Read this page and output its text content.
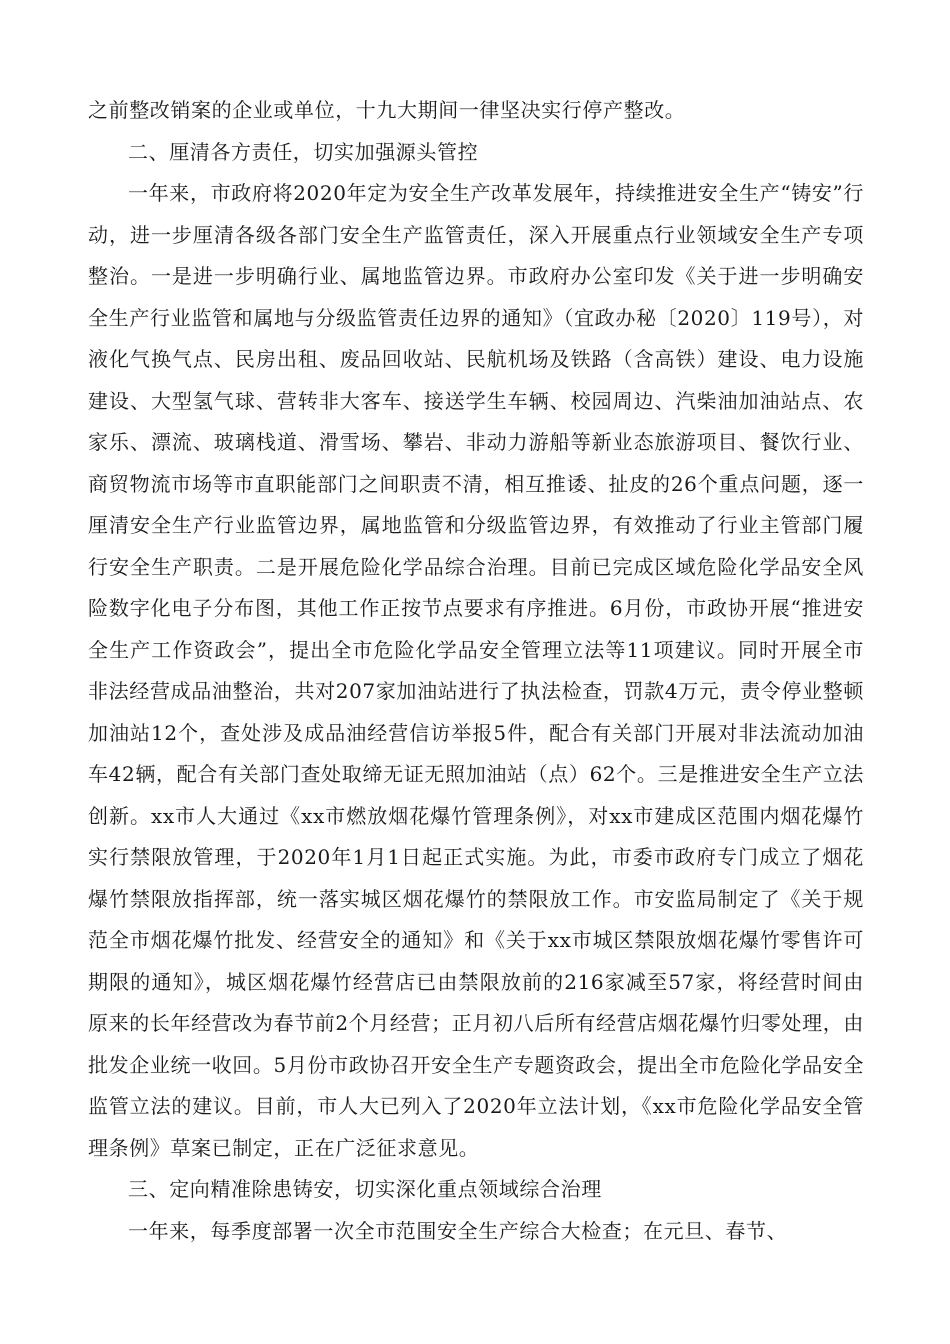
之前整改销案的企业或单位，十九大期间一律坚决实行停产整改。

二、厘清各方责任，切实加强源头管控

一年来，市政府将2020年定为安全生产改革发展年，持续推进安全生产“铸安”行动，进一步厘清各级各部门安全生产监管责任，深入开展重点行业领域安全生产专项整治。一是进一步明确行业、属地监管边界。市政府办公室印发《关于进一步明确安全生产行业监管和属地与分级监管责任边界的通知》（宜政办秘〔2020〕119号），对液化气换气点、民房出租、废品回收站、民航机场及铁路（含高铁）建设、电力设施建设、大型氢气球、营转非大客车、接送学生车辆、校园周边、汽柴油加油站点、农家乐、漂流、玻璃栈道、滑雪场、攀岩、非动力游船等新业态旅游项目、餐饮行业、商贸物流市场等市直职能部门之间职责不清，相互推诿、扯皮的26个重点问题，逐一厘清安全生产行业监管边界，属地监管和分级监管边界，有效推动了行业主管部门履行安全生产职责。二是开展危险化学品综合治理。目前已完成区域危险化学品安全风险数字化电子分布图，其他工作正按节点要求有序推进。6月份，市政协开展“推进安全生产工作资政会”，提出全市危险化学品安全管理立法等11项建议。同时开展全市非法经营成品油整治，共对207家加油站进行了执法检查，罚款4万元，责令停业整顿加油站12个，查处涉及成品油经营信访举报5件，配合有关部门开展对非法流动加油车42辆，配合有关部门查处取缔无证无照加油站（点）62个。三是推进安全生产立法创新。xx市人大通过《xx市燃放烟花爆竹管理条例》，对xx市建成区范围内烟花爆竹实行禁限放管理，于2020年1月1日起正式实施。为此，市委市政府专门成立了烟花爆竹禁限放指挥部，统一落实城区烟花爆竹的禁限放工作。市安监局制定了《关于规范全市烟花爆竹批发、经营安全的通知》和《关于xx市城区禁限放烟花爆竹零售许可期限的通知》，城区烟花爆竹经营店已由禁限放前的216家减至57家，将经营时间由原来的长年经营改为春节前2个月经营；正月初八后所有经营店烟花爆竹归零处理，由批发企业统一收回。5月份市政协召开安全生产专题资政会，提出全市危险化学品安全监管立法的建议。目前，市人大已列入了2020年立法计划，《xx市危险化学品安全管理条例》草案已制定，正在广泛征求意见。

三、定向精准除患铸安，切实深化重点领域综合治理

一年来，每季度部署一次全市范围安全生产综合大检查；在元旦、春节、
